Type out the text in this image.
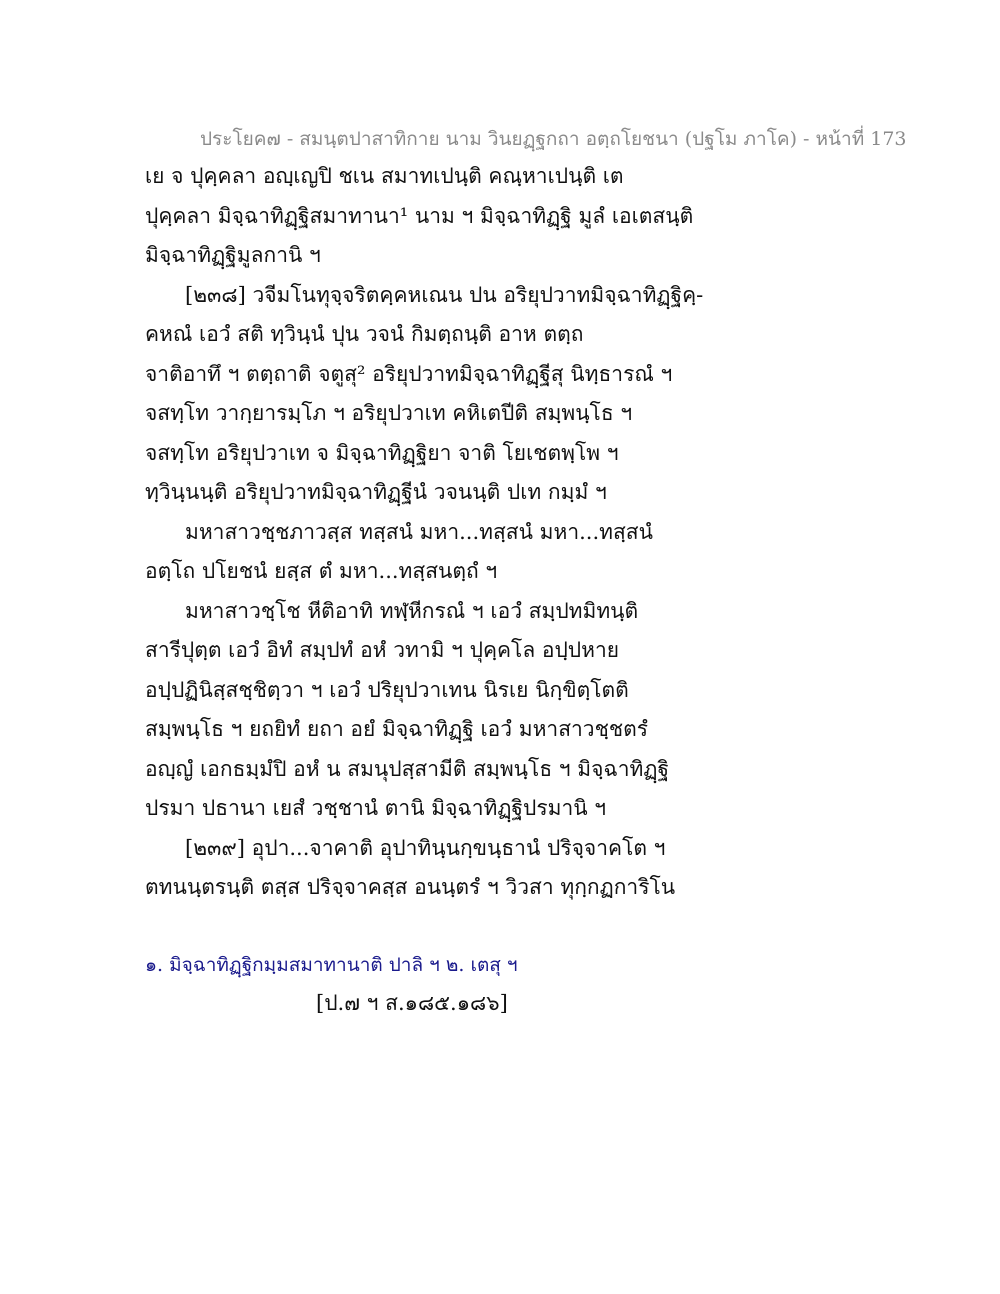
ประโยค๗ - สมนฺตปาสาทิกาย นาม วินยฏฺฐกถา อตฺถโยชนา (ปฐโม ภาโค) - หน้าที่ 173
เย จ ปุคฺคลา อญฺเญปิ ชเน สมาทเปนฺติ คณฺหาเปนฺติ เต
ปุคฺคลา มิจฺฉาทิฏฺฐิสมาทานา¹ นาม ฯ มิจฺฉาทิฏฺฐิ มูลํ เอเตสนฺติ
มิจฺฉาทิฏฺฐิมูลกานิ ฯ
[๒๓๘] วจีมโนทุจฺจริตคฺคหเณน ปน อริยุปวาทมิจฺฉาทิฏฺฐิคฺ-
คหณํ เอวํ สติ ทฺวินฺนํ ปุน วจนํ กิมตฺถนฺติ อาห ตตฺถ
จาติอาทึ ฯ ตตฺถาติ จตูสุ² อริยุปวาทมิจฺฉาทิฏฺฐีสุ นิทฺธารณํ ฯ
จสทฺโท วากฺยารมฺโภ ฯ อริยุปวาเท คหิเตปีติ สมฺพนฺโธ ฯ
จสทฺโท อริยุปวาเท จ มิจฺฉาทิฏฺฐิยา จาติ โยเชตพฺโพ ฯ
ทฺวินฺนนฺติ อริยุปวาทมิจฺฉาทิฏฺฐีนํ วจนนฺติ ปเท กมฺมํ ฯ
มหาสาวชฺชภาวสฺส ทสฺสนํ มหา...ทสฺสนํ มหา...ทสฺสนํ
อตฺโถ ปโยชนํ ยสฺส ตํ มหา...ทสฺสนตฺถํ ฯ
มหาสาวชฺโช หีติอาทิ ทฬฺหีกรณํ ฯ เอวํ สมฺปทมิทนฺติ
สารีปุตฺต เอวํ อิทํ สมฺปทํ อหํ วทามิ ฯ ปุคฺคโล อปฺปหาย
อปฺปฏินิสฺสชฺชิตฺวา ฯ เอวํ ปริยุปวาเทน นิรเย นิกฺขิตฺโตติ
สมฺพนฺโธ ฯ ยถยิทํ ยถา อยํ มิจฺฉาทิฏฺฐิ เอวํ มหาสาวชฺชตรํ
อญฺญํ เอกธมฺมํปิ อหํ น สมนุปสฺสามีติ สมฺพนฺโธ ฯ มิจฺฉาทิฏฺฐิ
ปรมา ปธานา เยสํ วชฺชานํ ตานิ มิจฺฉาทิฏฺฐิปรมานิ ฯ
[๒๓๙] อุปา...จาคาติ อุปาทินฺนกฺขนฺธานํ ปริจฺจาคโต ฯ
ตทนนฺตรนฺติ ตสฺส ปริจฺจาคสฺส อนนฺตรํ ฯ วิวสา ทุกฺกฏการิโน
๑. มิจฺฉาทิฏฺฐิกมฺมสมาทานาติ ปาลิ ฯ ๒. เตสุ ฯ
[ป.๗ ฯ ส.๑๘๕.๑๘๖]
